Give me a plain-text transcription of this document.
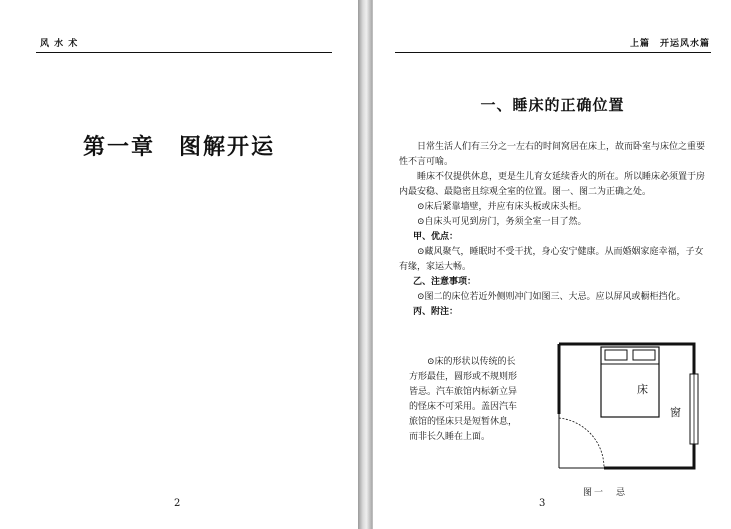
风 水 术
第一章　图解开运
2
上篇　开运风水篇
一、睡床的正确位置

日常生活人们有三分之一左右的时间窝居在床上，故而卧室与床位之重要性不言可喻。

睡床不仅提供休息，更是生儿育女延续香火的所在。所以睡床必须置于房内最安稳、最隐密且综观全室的位置。图一、图二为正确之处。

⊙床后紧靠墙壁，并应有床头板或床头柜。

⊙自床头可见到房门，务须全室一目了然。

甲、优点：

⊙藏风聚气，睡眠时不受干扰，身心安宁健康。从而婚姻家庭幸福，子女有缘，家运大畅。

乙、注意事项：

⊙图二的床位若近外侧则冲门如图三、大忌。应以屏风或橱柜挡化。

丙、附注：

⊙床的形状以传统的长

方形最佳，圆形或不规则形

皆忌。汽车旅馆内标新立异

的怪床不可采用。盖因汽车

旅馆的怪床只是短暂休息，

而非长久睡在上面。

床
窗
图一　忌
3
